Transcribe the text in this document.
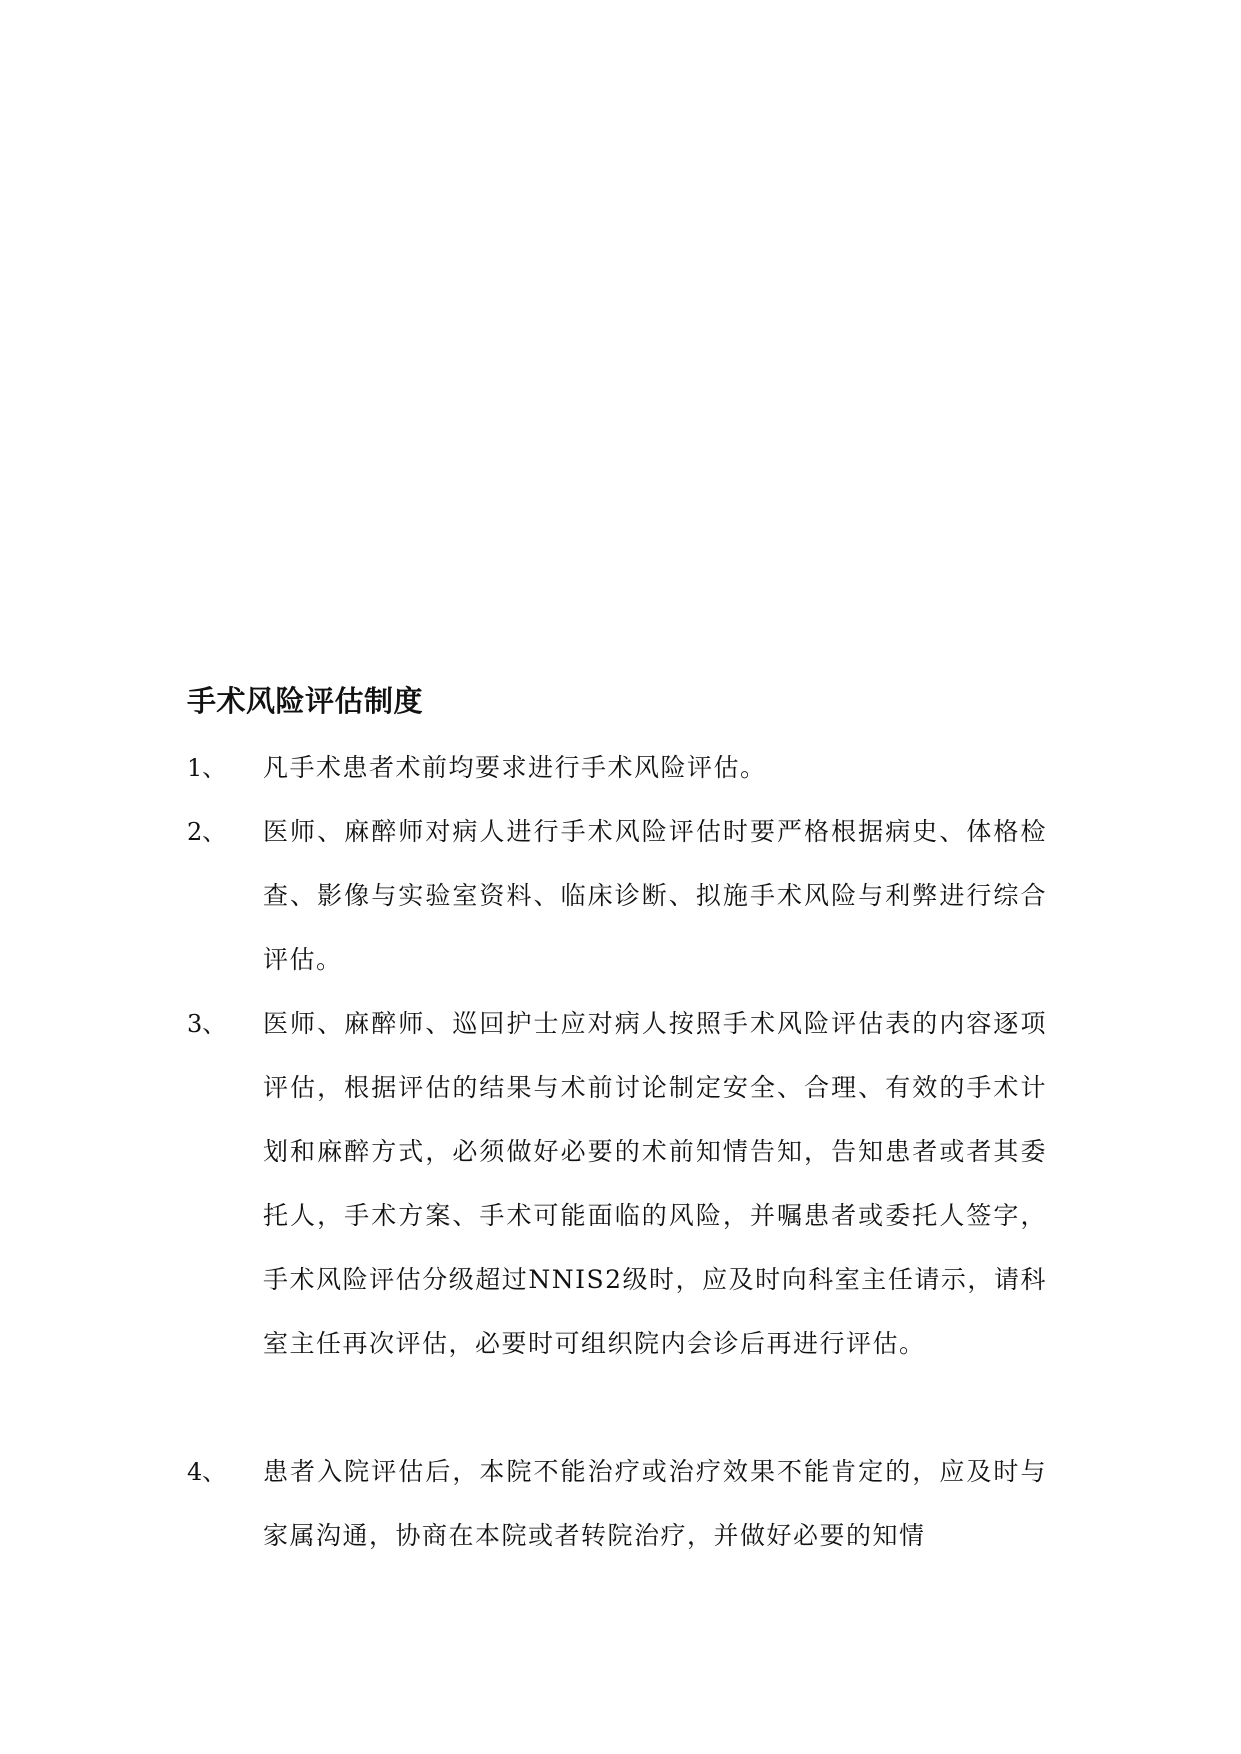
手术风险评估制度
1、 凡手术患者术前均要求进行手术风险评估。
2、 医师、麻醉师对病人进行手术风险评估时要严格根据病史、体格检查、影像与实验室资料、临床诊断、拟施手术风险与利弊进行综合评估。
3、 医师、麻醉师、巡回护士应对病人按照手术风险评估表的内容逐项评估，根据评估的结果与术前讨论制定安全、合理、有效的手术计划和麻醉方式，必须做好必要的术前知情告知，告知患者或者其委托人，手术方案、手术可能面临的风险，并嘱患者或委托人签字，手术风险评估分级超过NNIS2级时，应及时向科室主任请示，请科室主任再次评估，必要时可组织院内会诊后再进行评估。
4、 患者入院评估后，本院不能治疗或治疗效果不能肯定的，应及时与家属沟通，协商在本院或者转院治疗，并做好必要的知情
